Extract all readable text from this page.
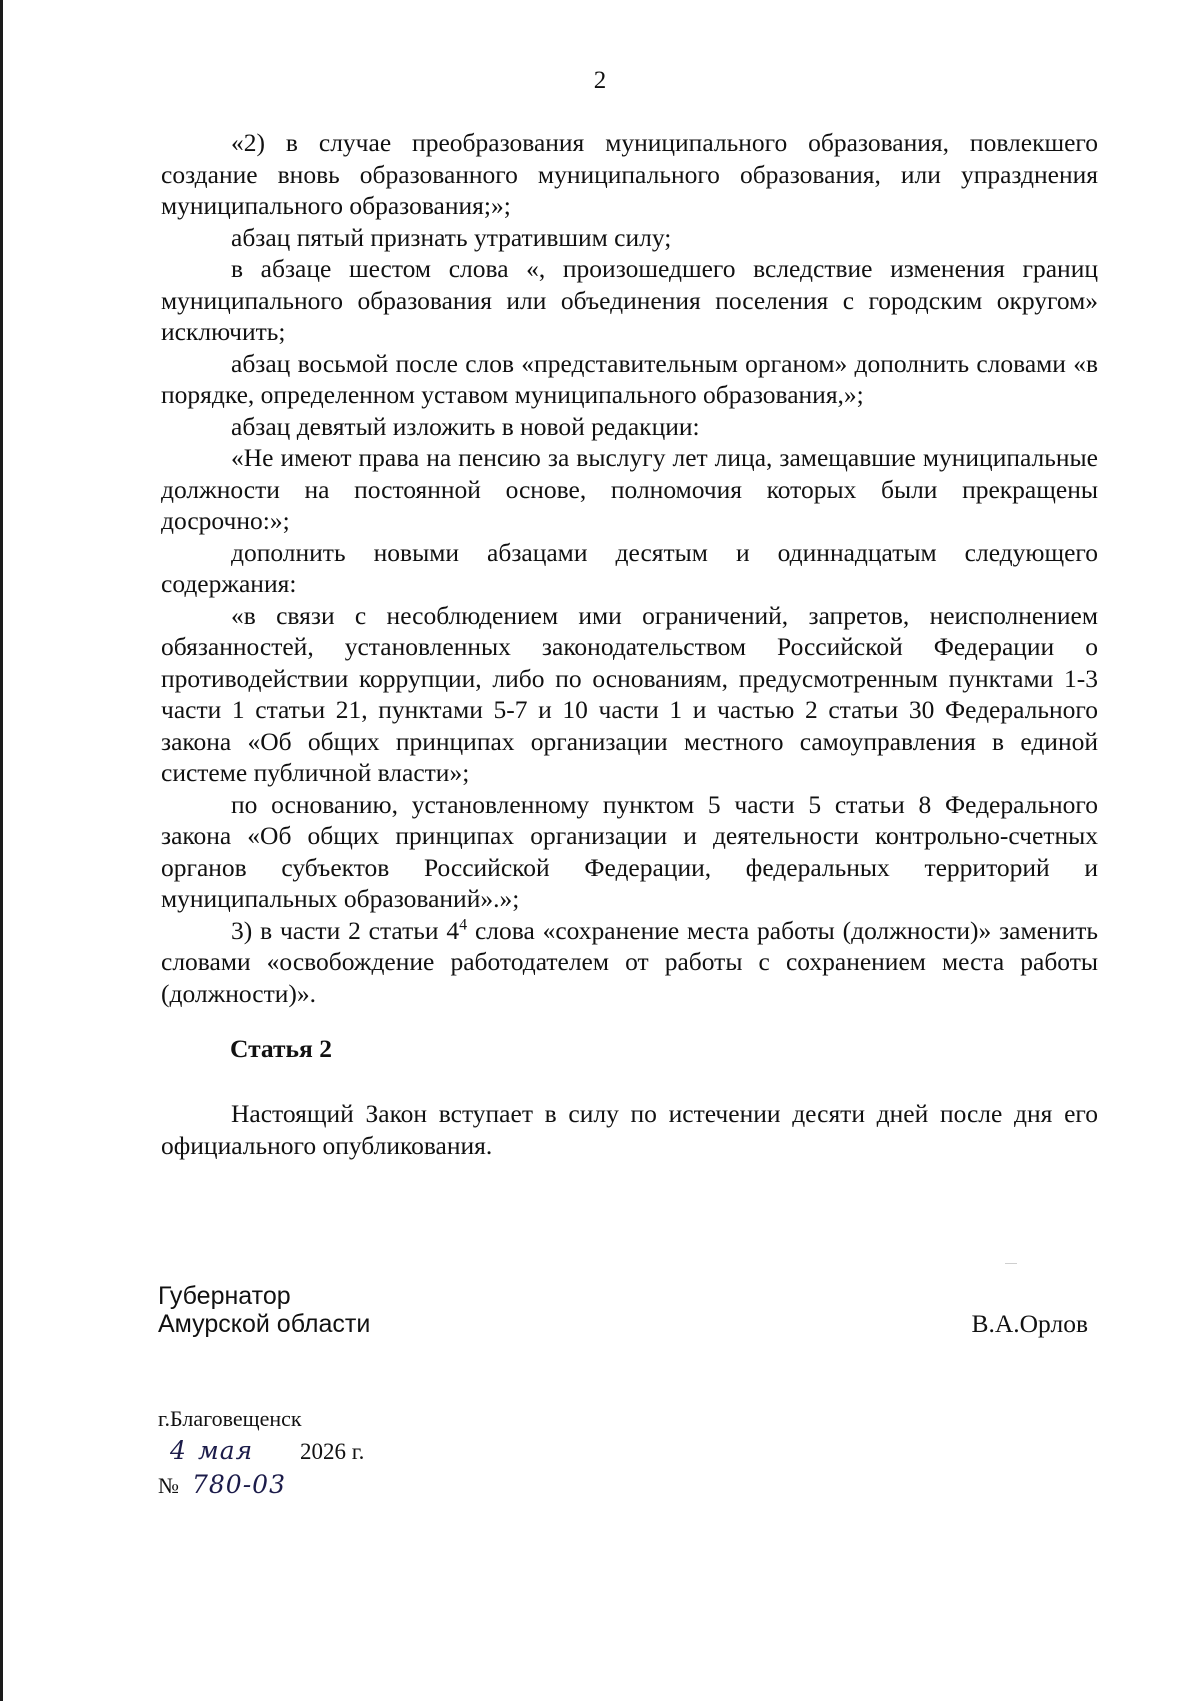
2

«2) в случае преобразования муниципального образования, повлекшего создание вновь образованного муниципального образования, или упразднения муниципального образования;»;

абзац пятый признать утратившим силу;

в абзаце шестом слова «, произошедшего вследствие изменения границ муниципального образования или объединения поселения с городским округом» исключить;

абзац восьмой после слов «представительным органом» дополнить словами «в порядке, определенном уставом муниципального образования,»;

абзац девятый изложить в новой редакции:

«Не имеют права на пенсию за выслугу лет лица, замещавшие муниципальные должности на постоянной основе, полномочия которых были прекращены досрочно:»;

дополнить новыми абзацами десятым и одиннадцатым следующего содержания:

«в связи с несоблюдением ими ограничений, запретов, неисполнением обязанностей, установленных законодательством Российской Федерации о противодействии коррупции, либо по основаниям, предусмотренным пунктами 1-3 части 1 статьи 21, пунктами 5-7 и 10 части 1 и частью 2 статьи 30 Федерального закона «Об общих принципах организации местного самоуправления в единой системе публичной власти»;

по основанию, установленному пунктом 5 части 5 статьи 8 Федерального закона «Об общих принципах организации и деятельности контрольно-счетных органов субъектов Российской Федерации, федеральных территорий и муниципальных образований».»;

3) в части 2 статьи $4^4$ слова «сохранение места работы (должности)» заменить словами «освобождение работодателем от работы с сохранением места работы (должности)».

Статья 2

Настоящий Закон вступает в силу по истечении десяти дней после дня его официального опубликования.

Губернатор
Амурской области	В.А.Орлов
г.Благовещенск
4 мая 2026 г.
№ 780-03
